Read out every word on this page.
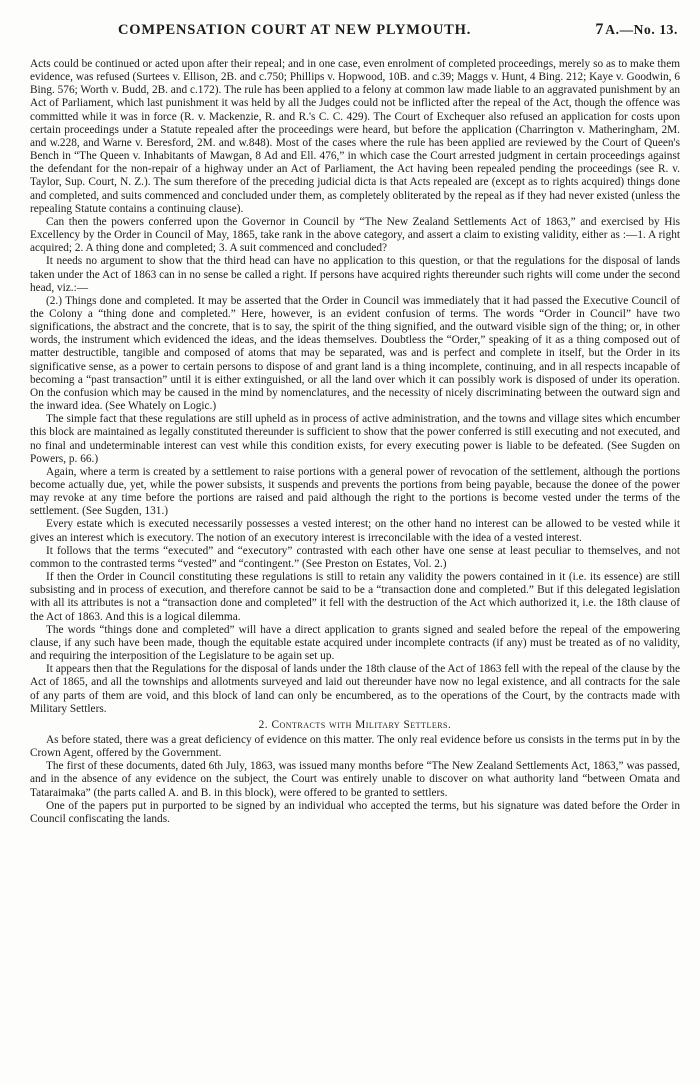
COMPENSATION COURT AT NEW PLYMOUTH.	7 A.—No. 13.

Acts could be continued or acted upon after their repeal; and in one case, even enrolment of completed proceedings, merely so as to make them evidence, was refused (Surtees v. Ellison, 2B. and c.750; Phillips v. Hopwood, 10B. and c.39; Maggs v. Hunt, 4 Bing. 212; Kaye v. Goodwin, 6 Bing. 576; Worth v. Budd, 2B. and c.172). The rule has been applied to a felony at common law made liable to an aggravated punishment by an Act of Parliament, which last punishment it was held by all the Judges could not be inflicted after the repeal of the Act, though the offence was committed while it was in force (R. v. Mackenzie, R. and R.'s C. C. 429). The Court of Exchequer also refused an application for costs upon certain proceedings under a Statute repealed after the proceedings were heard, but before the application (Charrington v. Matheringham, 2M. and w.228, and Warne v. Beresford, 2M. and w.848). Most of the cases where the rule has been applied are reviewed by the Court of Queen's Bench in “The Queen v. Inhabitants of Mawgan, 8 Ad and Ell. 476,” in which case the Court arrested judgment in certain proceedings against the defendant for the non-repair of a highway under an Act of Parliament, the Act having been repealed pending the proceedings (see R. v. Taylor, Sup. Court, N. Z.). The sum therefore of the preceding judicial dicta is that Acts repealed are (except as to rights acquired) things done and completed, and suits commenced and concluded under them, as completely obliterated by the repeal as if they had never existed (unless the repealing Statute contains a continuing clause).

Can then the powers conferred upon the Governor in Council by “The New Zealand Settlements Act of 1863,” and exercised by His Excellency by the Order in Council of May, 1865, take rank in the above category, and assert a claim to existing validity, either as :—1. A right acquired; 2. A thing done and completed; 3. A suit commenced and concluded?

It needs no argument to show that the third head can have no application to this question, or that the regulations for the disposal of lands taken under the Act of 1863 can in no sense be called a right. If persons have acquired rights thereunder such rights will come under the second head, viz.:—

(2.) Things done and completed. It may be asserted that the Order in Council was immediately that it had passed the Executive Council of the Colony a “thing done and completed.” Here, however, is an evident confusion of terms. The words “Order in Council” have two significations, the abstract and the concrete, that is to say, the spirit of the thing signified, and the outward visible sign of the thing; or, in other words, the instrument which evidenced the ideas, and the ideas themselves. Doubtless the “Order,” speaking of it as a thing composed out of matter destructible, tangible and composed of atoms that may be separated, was and is perfect and complete in itself, but the Order in its significative sense, as a power to certain persons to dispose of and grant land is a thing incomplete, continuing, and in all respects incapable of becoming a “past transaction” until it is either extinguished, or all the land over which it can possibly work is disposed of under its operation. On the confusion which may be caused in the mind by nomenclatures, and the necessity of nicely discriminating between the outward sign and the inward idea. (See Whately on Logic.)

The simple fact that these regulations are still upheld as in process of active administration, and the towns and village sites which encumber this block are maintained as legally constituted thereunder is sufficient to show that the power conferred is still executing and not executed, and no final and undeterminable interest can vest while this condition exists, for every executing power is liable to be defeated. (See Sugden on Powers, p. 66.)

Again, where a term is created by a settlement to raise portions with a general power of revocation of the settlement, although the portions become actually due, yet, while the power subsists, it suspends and prevents the portions from being payable, because the donee of the power may revoke at any time before the portions are raised and paid although the right to the portions is become vested under the terms of the settlement. (See Sugden, 131.)

Every estate which is executed necessarily possesses a vested interest; on the other hand no interest can be allowed to be vested while it gives an interest which is executory. The notion of an executory interest is irreconcilable with the idea of a vested interest.

It follows that the terms “executed” and “executory” contrasted with each other have one sense at least peculiar to themselves, and not common to the contrasted terms “vested” and “contingent.” (See Preston on Estates, Vol. 2.)

If then the Order in Council constituting these regulations is still to retain any validity the powers contained in it (i.e. its essence) are still subsisting and in process of execution, and therefore cannot be said to be a “transaction done and completed.” But if this delegated legislation with all its attributes is not a “transaction done and completed” it fell with the destruction of the Act which authorized it, i.e. the 18th clause of the Act of 1863. And this is a logical dilemma.

The words “things done and completed” will have a direct application to grants signed and sealed before the repeal of the empowering clause, if any such have been made, though the equitable estate acquired under incomplete contracts (if any) must be treated as of no validity, and requiring the interposition of the Legislature to be again set up.

It appears then that the Regulations for the disposal of lands under the 18th clause of the Act of 1863 fell with the repeal of the clause by the Act of 1865, and all the townships and allotments surveyed and laid out thereunder have now no legal existence, and all contracts for the sale of any parts of them are void, and this block of land can only be encumbered, as to the operations of the Court, by the contracts made with Military Settlers.

2. Contracts with Military Settlers.

As before stated, there was a great deficiency of evidence on this matter. The only real evidence before us consists in the terms put in by the Crown Agent, offered by the Government.

The first of these documents, dated 6th July, 1863, was issued many months before “The New Zealand Settlements Act, 1863,” was passed, and in the absence of any evidence on the subject, the Court was entirely unable to discover on what authority land “between Omata and Tataraimaka” (the parts called A. and B. in this block), were offered to be granted to settlers.

One of the papers put in purported to be signed by an individual who accepted the terms, but his signature was dated before the Order in Council confiscating the lands.
